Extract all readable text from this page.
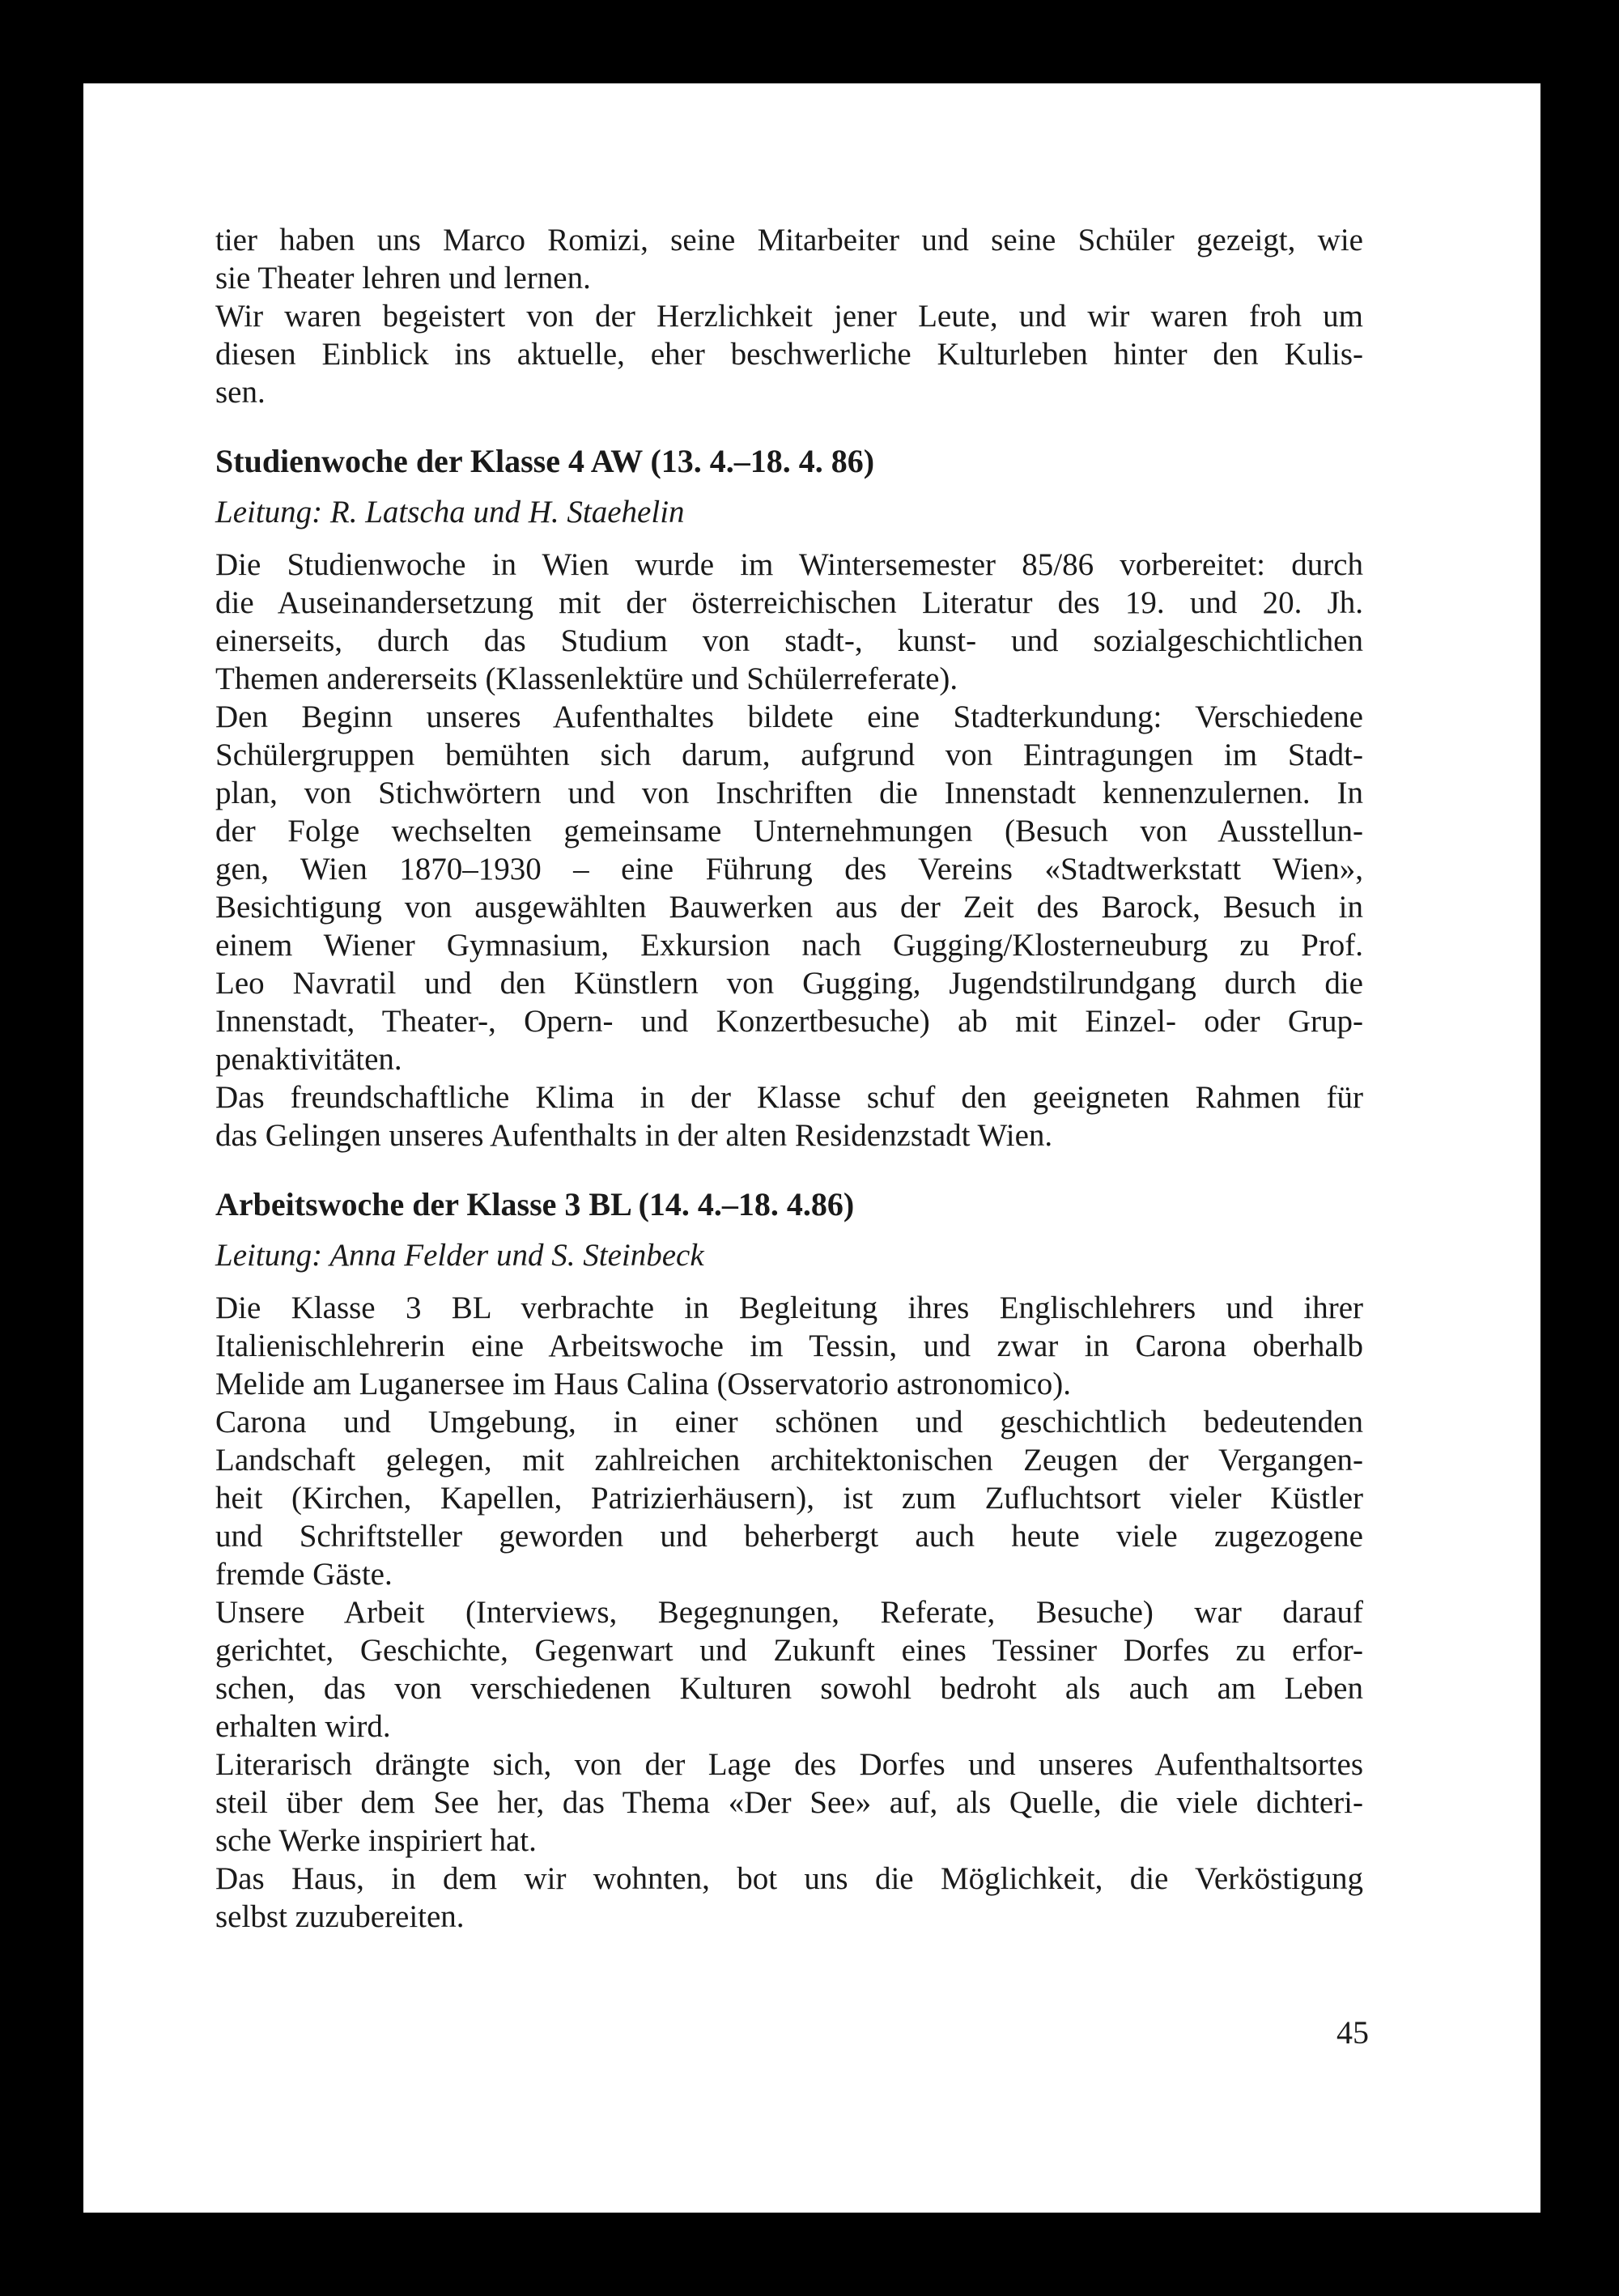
tier haben uns Marco Romizi, seine Mitarbeiter und seine Schüler gezeigt, wie
sie Theater lehren und lernen.
Wir waren begeistert von der Herzlichkeit jener Leute, und wir waren froh um
diesen Einblick ins aktuelle, eher beschwerliche Kulturleben hinter den Kulis-
sen.
Studienwoche der Klasse 4 AW (13. 4.–18. 4. 86)
Leitung: R. Latscha und H. Staehelin
Die Studienwoche in Wien wurde im Wintersemester 85/86 vorbereitet: durch
die Auseinandersetzung mit der österreichischen Literatur des 19. und 20. Jh.
einerseits, durch das Studium von stadt-, kunst- und sozialgeschichtlichen
Themen andererseits (Klassenlektüre und Schülerreferate).
Den Beginn unseres Aufenthaltes bildete eine Stadterkundung: Verschiedene
Schülergruppen bemühten sich darum, aufgrund von Eintragungen im Stadt-
plan, von Stichwörtern und von Inschriften die Innenstadt kennenzulernen. In
der Folge wechselten gemeinsame Unternehmungen (Besuch von Ausstellun-
gen, Wien 1870–1930 – eine Führung des Vereins «Stadtwerkstatt Wien»,
Besichtigung von ausgewählten Bauwerken aus der Zeit des Barock, Besuch in
einem Wiener Gymnasium, Exkursion nach Gugging/Klosterneuburg zu Prof.
Leo Navratil und den Künstlern von Gugging, Jugendstilrundgang durch die
Innenstadt, Theater-, Opern- und Konzertbesuche) ab mit Einzel- oder Grup-
penaktivitäten.
Das freundschaftliche Klima in der Klasse schuf den geeigneten Rahmen für
das Gelingen unseres Aufenthalts in der alten Residenzstadt Wien.
Arbeitswoche der Klasse 3 BL (14. 4.–18. 4.86)
Leitung: Anna Felder und S. Steinbeck
Die Klasse 3 BL verbrachte in Begleitung ihres Englischlehrers und ihrer
Italienischlehrerin eine Arbeitswoche im Tessin, und zwar in Carona oberhalb
Melide am Luganersee im Haus Calina (Osservatorio astronomico).
Carona und Umgebung, in einer schönen und geschichtlich bedeutenden
Landschaft gelegen, mit zahlreichen architektonischen Zeugen der Vergangen-
heit (Kirchen, Kapellen, Patrizierhäusern), ist zum Zufluchtsort vieler Küstler
und Schriftsteller geworden und beherbergt auch heute viele zugezogene
fremde Gäste.
Unsere Arbeit (Interviews, Begegnungen, Referate, Besuche) war darauf
gerichtet, Geschichte, Gegenwart und Zukunft eines Tessiner Dorfes zu erfor-
schen, das von verschiedenen Kulturen sowohl bedroht als auch am Leben
erhalten wird.
Literarisch drängte sich, von der Lage des Dorfes und unseres Aufenthaltsortes
steil über dem See her, das Thema «Der See» auf, als Quelle, die viele dichteri-
sche Werke inspiriert hat.
Das Haus, in dem wir wohnten, bot uns die Möglichkeit, die Verköstigung
selbst zuzubereiten.
45
